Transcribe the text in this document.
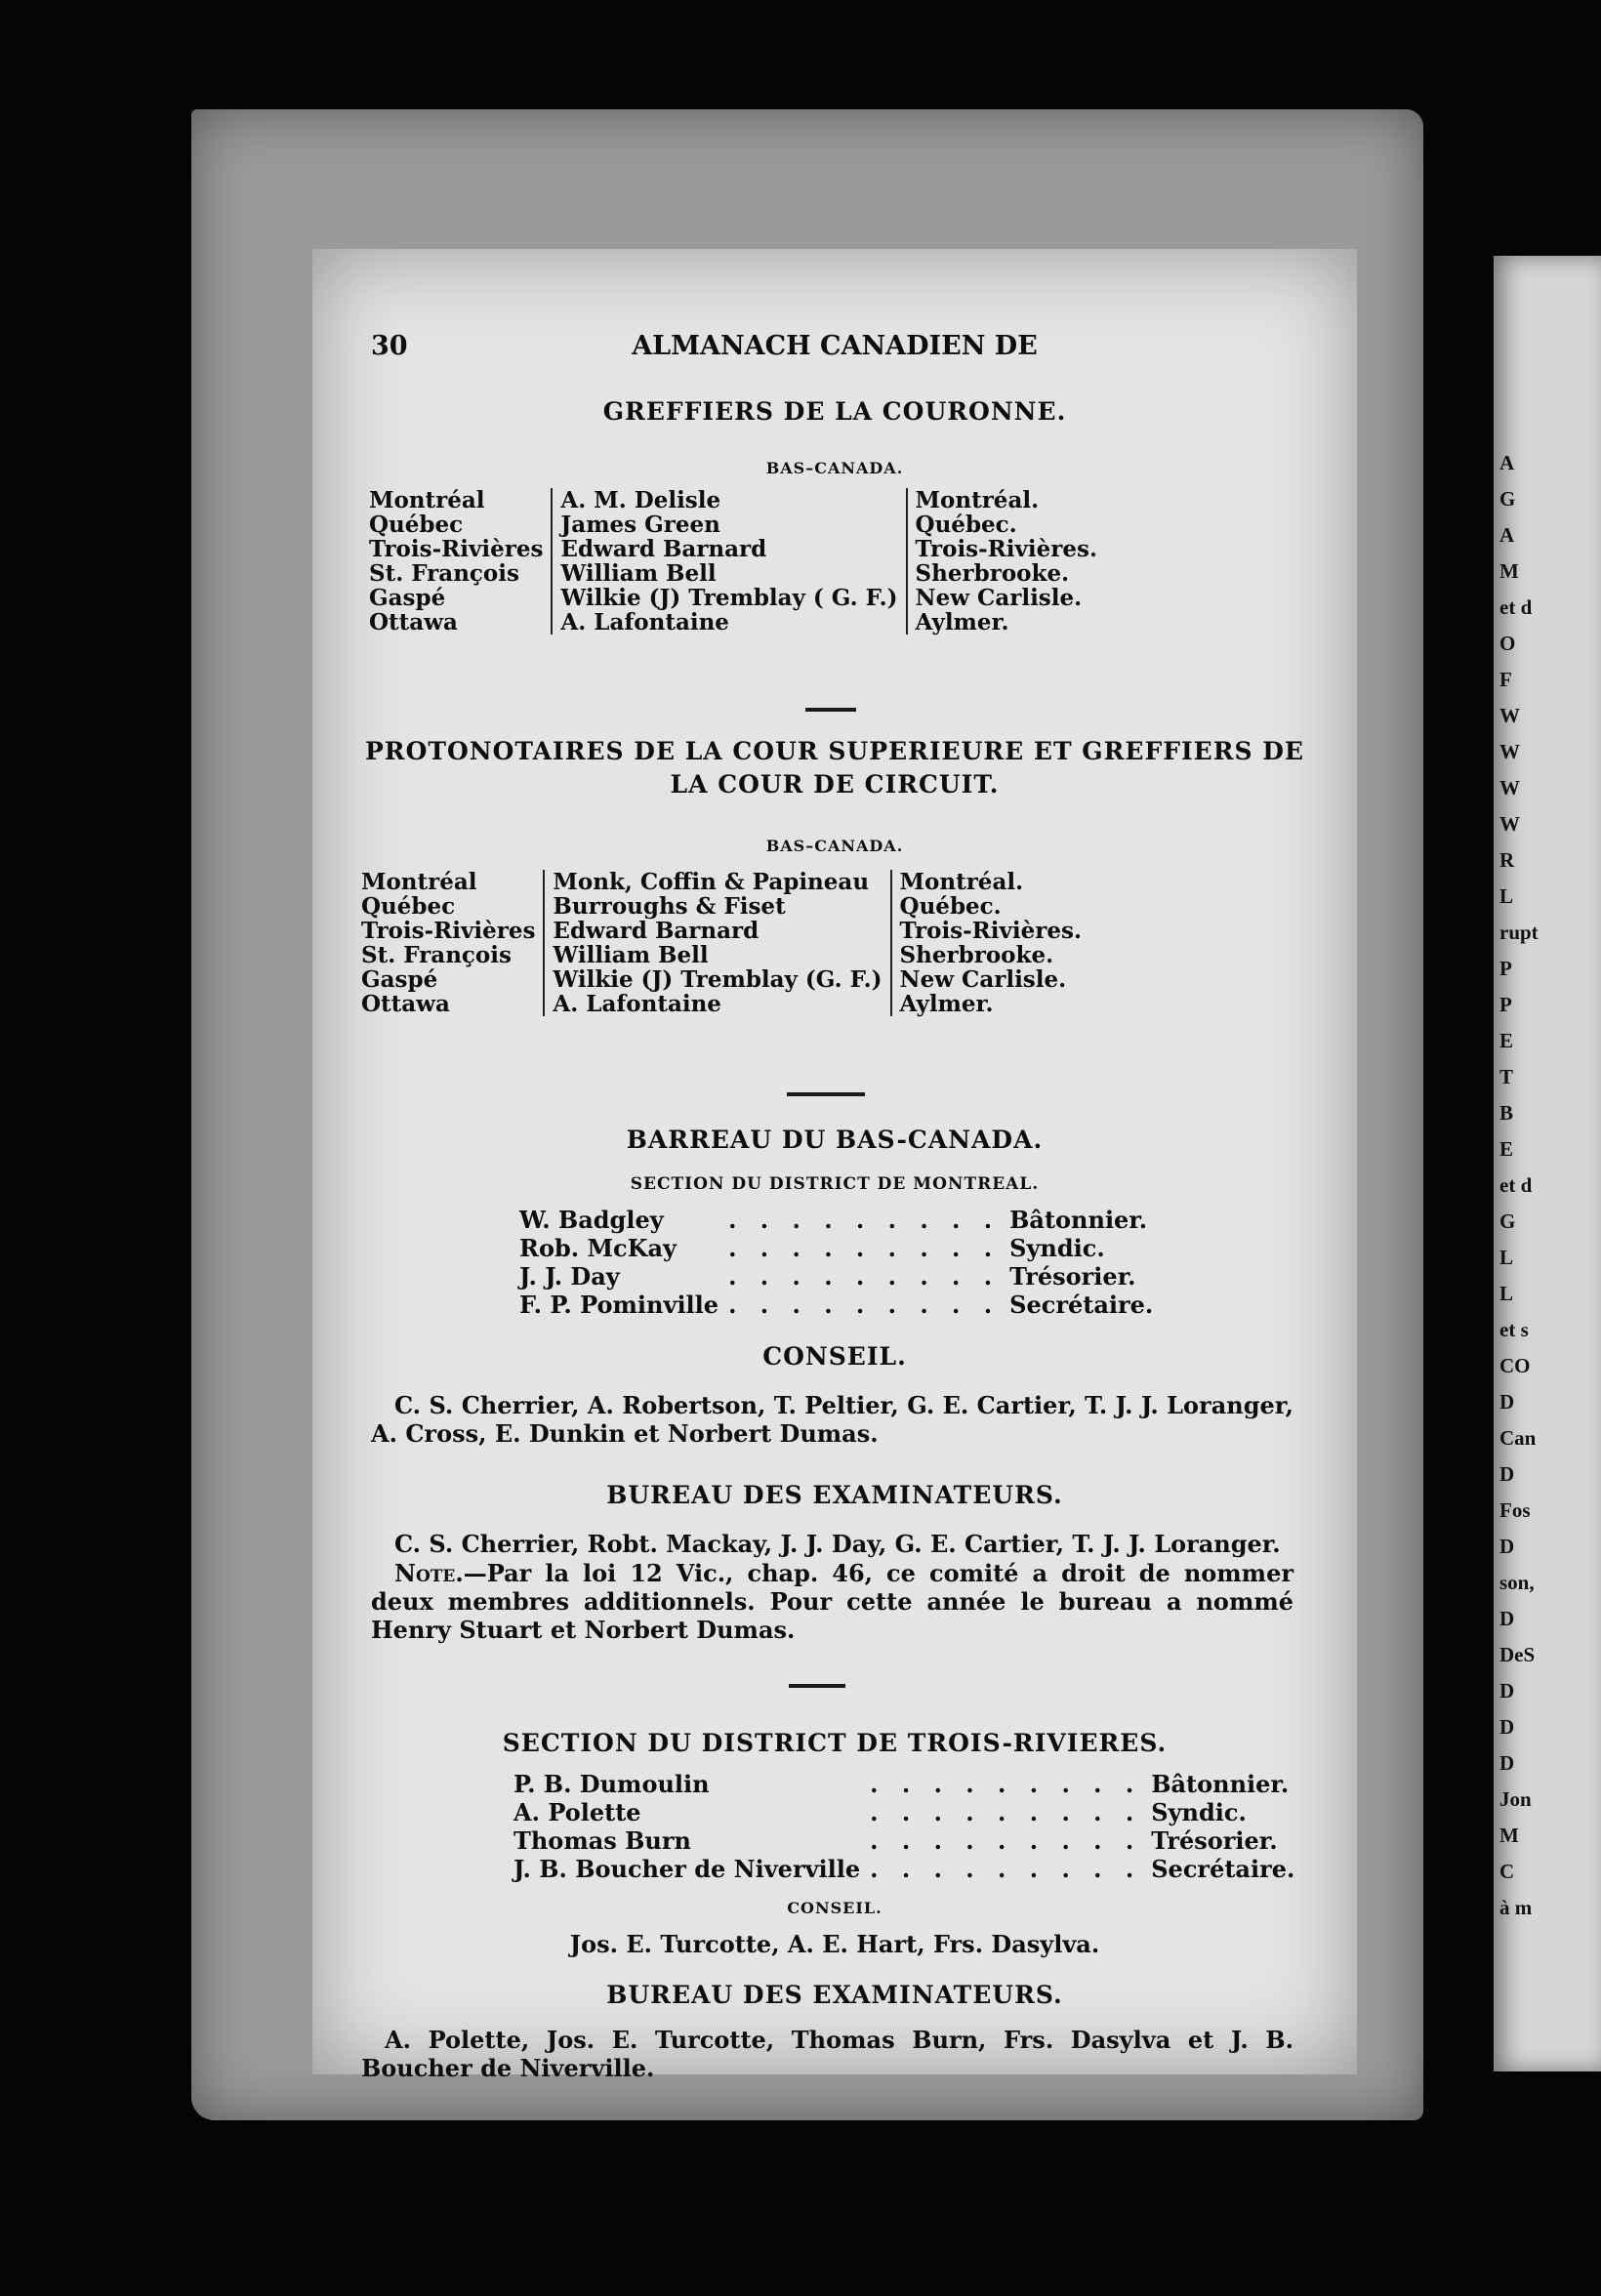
A
G
A
M
et d
O
F
W
W
W
W
R
L
rupt
P
P
E
T
B
E
et d
G
L
L
et s
CO
D
Can
D
Fos
D
son,
D
DeS
D
D
D
Jon
M
C
à m
30	ALMANACH CANADIEN DE
GREFFIERS DE LA COURONNE.
BAS–CANADA.
Montréal	A. M. Delisle	Montréal.
Québec	James Green	Québec.
Trois-Rivières	Edward Barnard	Trois-Rivières.
St. François	William Bell	Sherbrooke.
Gaspé	Wilkie (J) Tremblay ( G. F.)	New Carlisle.
Ottawa	A. Lafontaine	Aylmer.
PROTONOTAIRES DE LA COUR SUPERIEURE ET GREFFIERS DE
LA COUR DE CIRCUIT.
BAS–CANADA.
Montréal	Monk, Coffin & Papineau	Montréal.
Québec	Burroughs & Fiset	Québec.
Trois-Rivières	Edward Barnard	Trois-Rivières.
St. François	William Bell	Sherbrooke.
Gaspé	Wilkie (J) Tremblay (G. F.)	New Carlisle.
Ottawa	A. Lafontaine	Aylmer.
BARREAU DU BAS-CANADA.
SECTION DU DISTRICT DE MONTREAL.
W. Badgley	. . . . . . . . .	Bâtonnier.
Rob. McKay	. . . . . . . . .	Syndic.
J. J. Day	. . . . . . . . .	Trésorier.
F. P. Pominville	. . . . . . . . .	Secrétaire.
CONSEIL.

C. S. Cherrier, A. Robertson, T. Peltier, G. E. Cartier, T. J. J. Loranger, A. Cross, E. Dunkin et Norbert Dumas.

BUREAU DES EXAMINATEURS.

C. S. Cherrier, Robt. Mackay, J. J. Day, G. E. Cartier, T. J. J. Loranger.

Note.—Par la loi 12 Vic., chap. 46, ce comité a droit de nommer deux membres additionnels. Pour cette année le bureau a nommé Henry Stuart et Norbert Dumas.

SECTION DU DISTRICT DE TROIS-RIVIERES.
P. B. Dumoulin	. . . . . . . . .	Bâtonnier.
A. Polette	. . . . . . . . .	Syndic.
Thomas Burn	. . . . . . . . .	Trésorier.
J. B. Boucher de Niverville	. . . . . . . . .	Secrétaire.
CONSEIL.
Jos. E. Turcotte, A. E. Hart, Frs. Dasylva.
BUREAU DES EXAMINATEURS.

A. Polette, Jos. E. Turcotte, Thomas Burn, Frs. Dasylva et J. B. Boucher de Niverville.
